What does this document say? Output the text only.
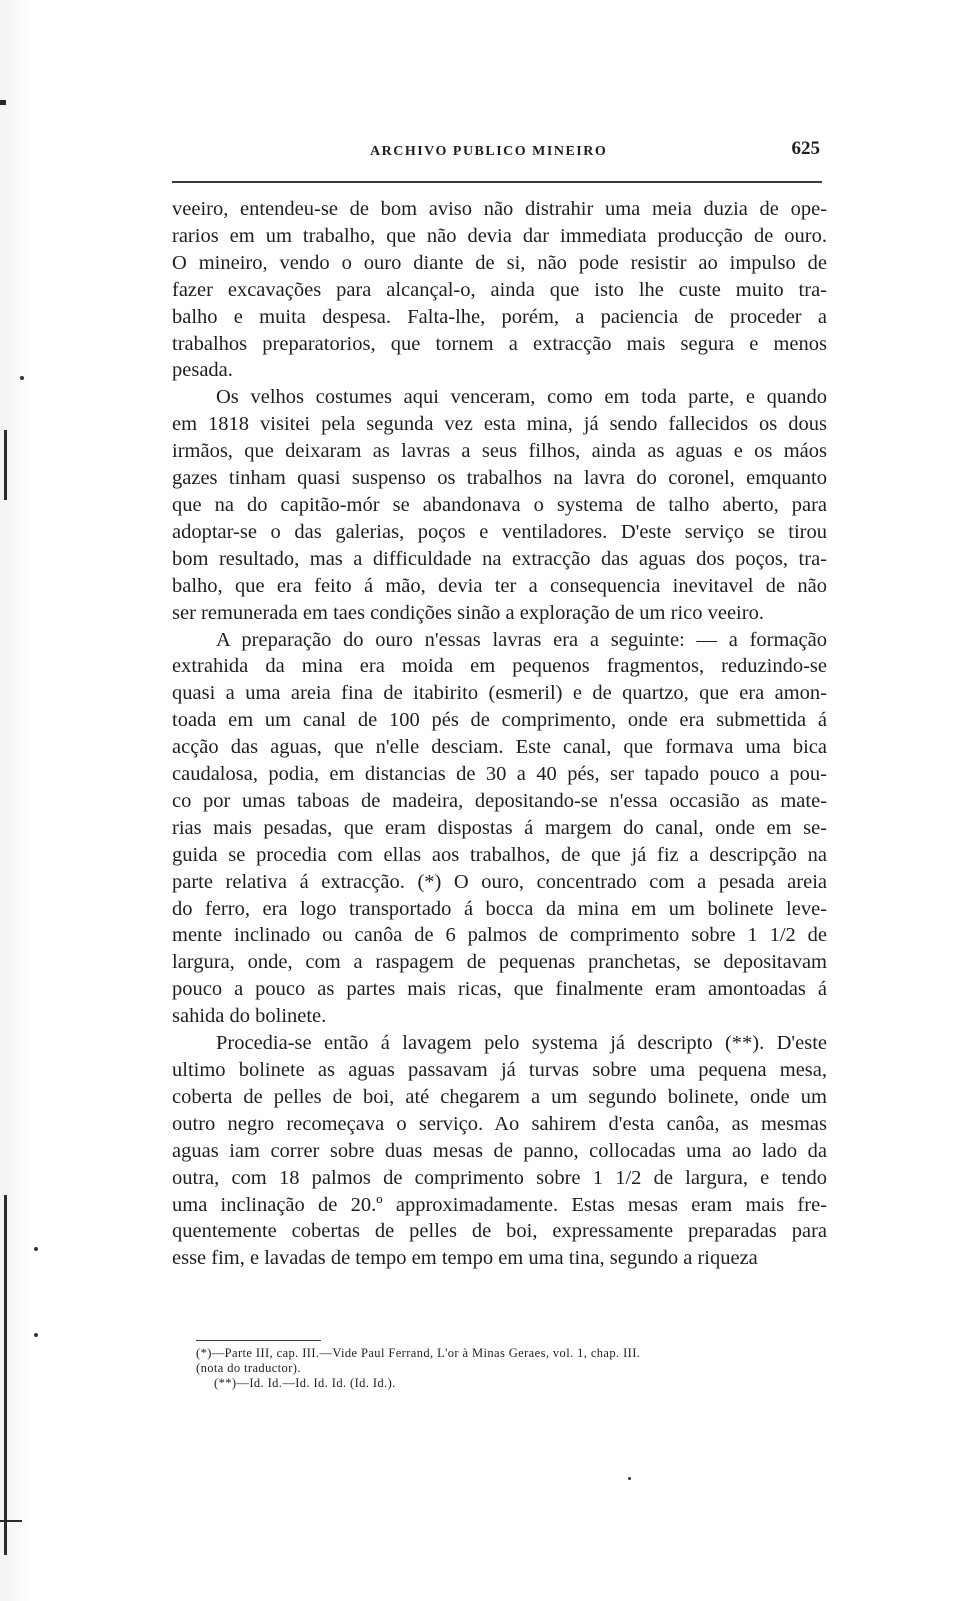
ARCHIVO PUBLICO MINEIRO	625
veeiro, entendeu-se de bom aviso não distrahir uma meia duzia de ope-
rarios em um trabalho, que não devia dar immediata producção de ouro.
O mineiro, vendo o ouro diante de si, não pode resistir ao impulso de
fazer excavações para alcançal-o, ainda que isto lhe custe muito tra-
balho e muita despesa. Falta-lhe, porém, a paciencia de proceder a
trabalhos preparatorios, que tornem a extracção mais segura e menos
pesada.
Os velhos costumes aqui venceram, como em toda parte, e quando
em 1818 visitei pela segunda vez esta mina, já sendo fallecidos os dous
irmãos, que deixaram as lavras a seus filhos, ainda as aguas e os máos
gazes tinham quasi suspenso os trabalhos na lavra do coronel, emquanto
que na do capitão-mór se abandonava o systema de talho aberto, para
adoptar-se o das galerias, poços e ventiladores. D'este serviço se tirou
bom resultado, mas a difficuldade na extracção das aguas dos poços, tra-
balho, que era feito á mão, devia ter a consequencia inevitavel de não
ser remunerada em taes condições sinão a exploração de um rico veeiro.
A preparação do ouro n'essas lavras era a seguinte: — a formação
extrahida da mina era moida em pequenos fragmentos, reduzindo-se
quasi a uma areia fina de itabirito (esmeril) e de quartzo, que era amon-
toada em um canal de 100 pés de comprimento, onde era submettida á
acção das aguas, que n'elle desciam. Este canal, que formava uma bica
caudalosa, podia, em distancias de 30 a 40 pés, ser tapado pouco a pou-
co por umas taboas de madeira, depositando-se n'essa occasião as mate-
rias mais pesadas, que eram dispostas á margem do canal, onde em se-
guida se procedia com ellas aos trabalhos, de que já fiz a descripção na
parte relativa á extracção. (*) O ouro, concentrado com a pesada areia
do ferro, era logo transportado á bocca da mina em um bolinete leve-
mente inclinado ou canôa de 6 palmos de comprimento sobre 1 1/2 de
largura, onde, com a raspagem de pequenas pranchetas, se depositavam
pouco a pouco as partes mais ricas, que finalmente eram amontoadas á
sahida do bolinete.
Procedia-se então á lavagem pelo systema já descripto (**). D'este
ultimo bolinete as aguas passavam já turvas sobre uma pequena mesa,
coberta de pelles de boi, até chegarem a um segundo bolinete, onde um
outro negro recomeçava o serviço. Ao sahirem d'esta canôa, as mesmas
aguas iam correr sobre duas mesas de panno, collocadas uma ao lado da
outra, com 18 palmos de comprimento sobre 1 1/2 de largura, e tendo
uma inclinação de 20.º approximadamente. Estas mesas eram mais fre-
quentemente cobertas de pelles de boi, expressamente preparadas para
esse fim, e lavadas de tempo em tempo em uma tina, segundo a riqueza
(*)—Parte III, cap. III.—Vide Paul Ferrand, L'or à Minas Geraes, vol. 1, chap. III.
(nota do traductor).
(**)—Id. Id.—Id. Id. Id. (Id. Id.).
